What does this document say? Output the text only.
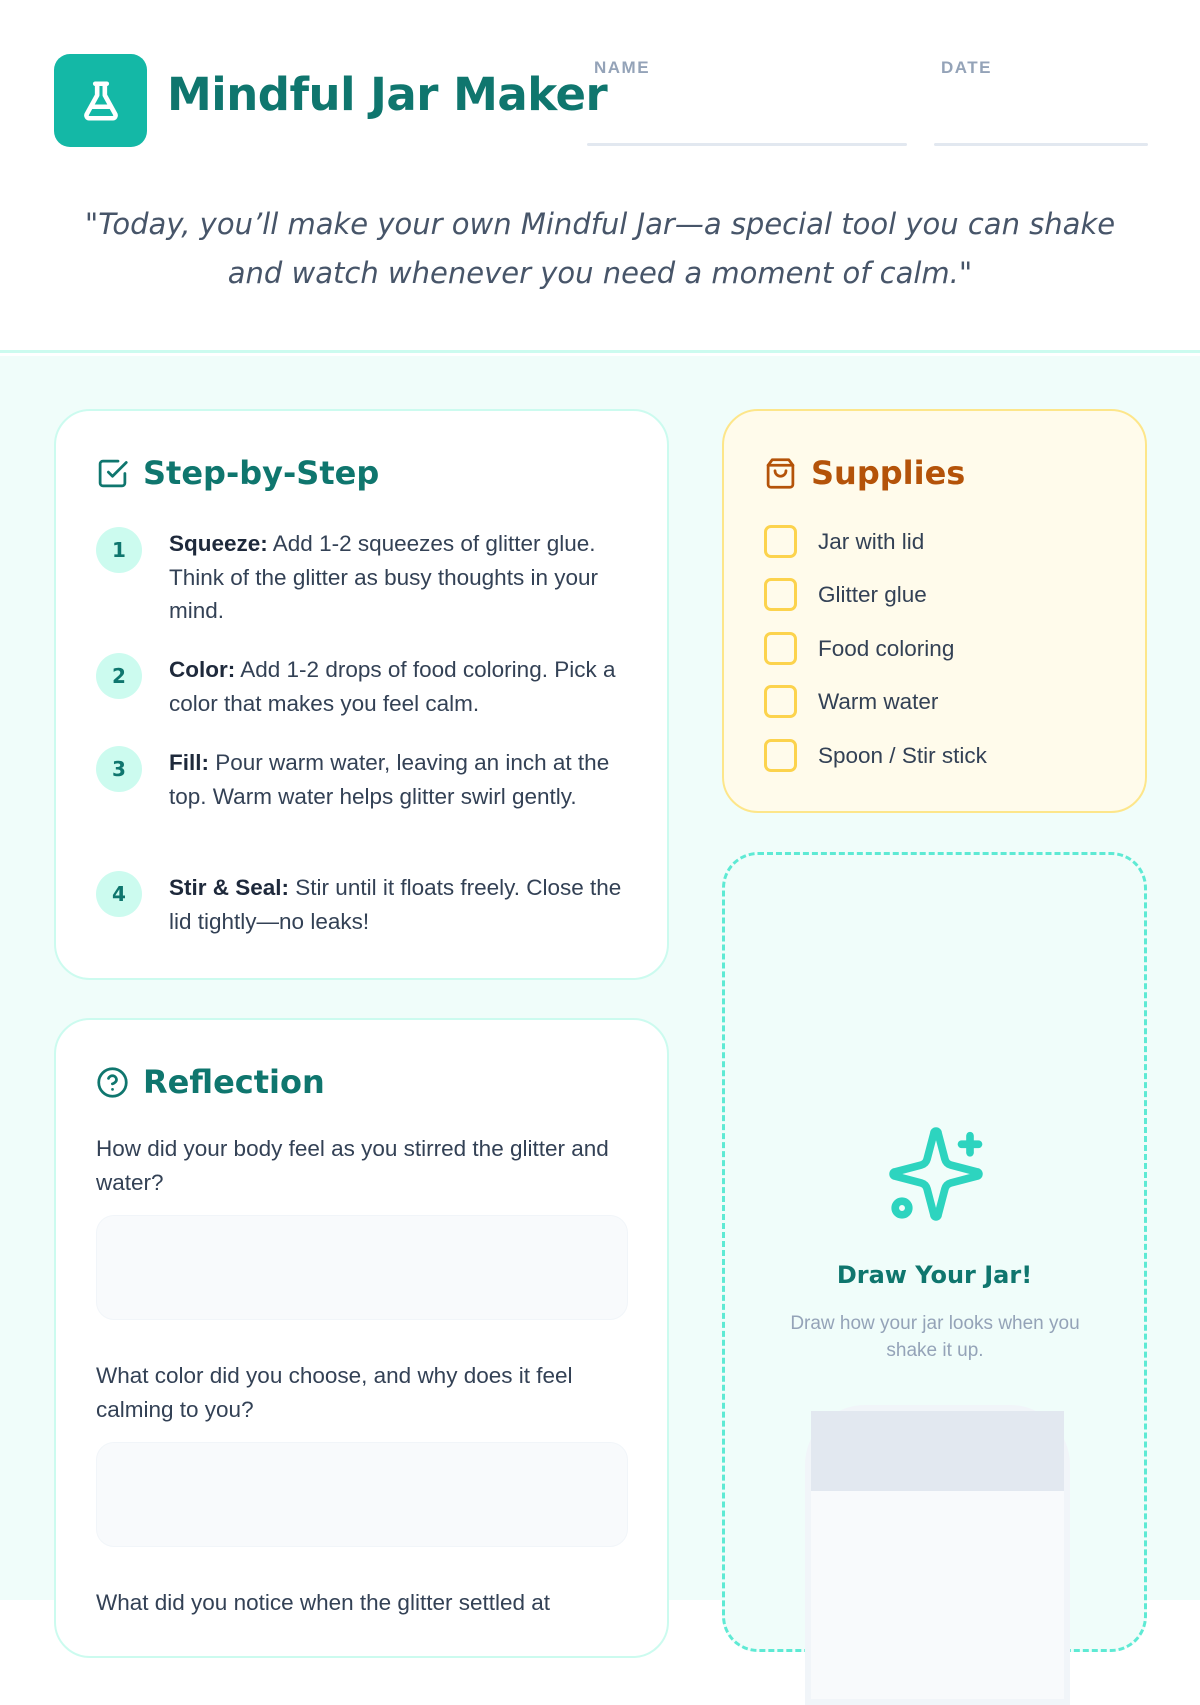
Mindful Jar Maker
NAME	DATE
"Today, you’ll make your own Mindful Jar—a special tool you can shake and watch whenever you need a moment of calm."
Step-by-Step
1	Squeeze: Add 1-2 squeezes of glitter glue. Think of the glitter as busy thoughts in your mind.
2	Color: Add 1-2 drops of food coloring. Pick a color that makes you feel calm.
3	Fill: Pour warm water, leaving an inch at the top. Warm water helps glitter swirl gently.
4	Stir & Seal: Stir until it floats freely. Close the lid tightly—no leaks!
Reflection
How did your body feel as you stirred the glitter and water?
What color did you choose, and why does it feel calming to you?
What did you notice when the glitter settled at
Supplies
Jar with lid
Glitter glue
Food coloring
Warm water
Spoon / Stir stick
Draw Your Jar!
Draw how your jar looks when you shake it up.
